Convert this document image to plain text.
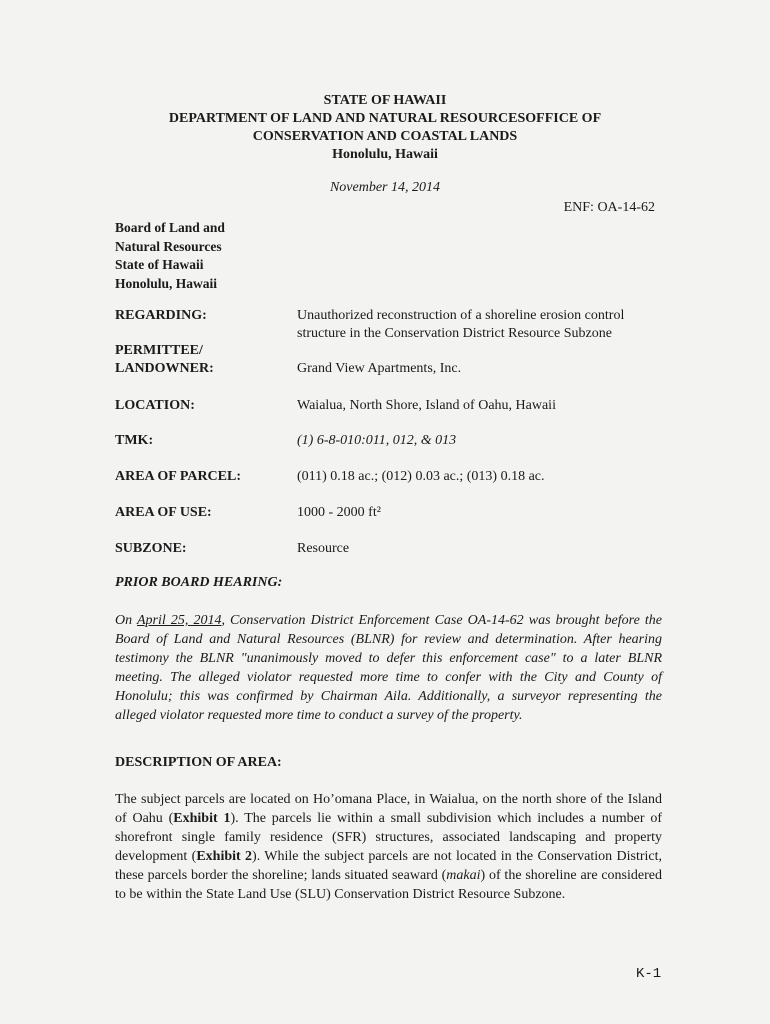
STATE OF HAWAII
DEPARTMENT OF LAND AND NATURAL RESOURCESOFFICE OF
CONSERVATION AND COASTAL LANDS
Honolulu, Hawaii
November 14, 2014
ENF: OA-14-62
Board of Land and
Natural Resources
State of Hawaii
Honolulu, Hawaii
REGARDING:	Unauthorized reconstruction of a shoreline erosion control structure in the Conservation District Resource Subzone
PERMITTEE/
LANDOWNER:	Grand View Apartments, Inc.
LOCATION:	Waialua, North Shore, Island of Oahu, Hawaii
TMK:	(1) 6-8-010:011, 012, & 013
AREA OF PARCEL:	(011) 0.18 ac.; (012) 0.03 ac.; (013) 0.18 ac.
AREA OF USE:	1000 - 2000 ft²
SUBZONE:	Resource
PRIOR BOARD HEARING:
On April 25, 2014, Conservation District Enforcement Case OA-14-62 was brought before the Board of Land and Natural Resources (BLNR) for review and determination. After hearing testimony the BLNR "unanimously moved to defer this enforcement case" to a later BLNR meeting. The alleged violator requested more time to confer with the City and County of Honolulu; this was confirmed by Chairman Aila. Additionally, a surveyor representing the alleged violator requested more time to conduct a survey of the property.
DESCRIPTION OF AREA:
The subject parcels are located on Ho’omana Place, in Waialua, on the north shore of the Island of Oahu (Exhibit 1). The parcels lie within a small subdivision which includes a number of shorefront single family residence (SFR) structures, associated landscaping and property development (Exhibit 2). While the subject parcels are not located in the Conservation District, these parcels border the shoreline; lands situated seaward (makai) of the shoreline are considered to be within the State Land Use (SLU) Conservation District Resource Subzone.
K-1
